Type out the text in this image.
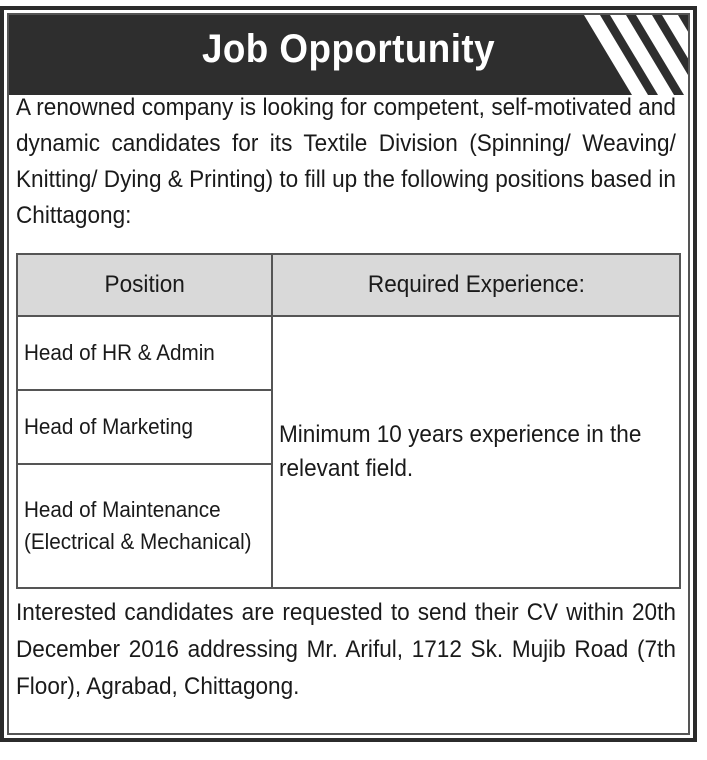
Job Opportunity
A renowned company is looking for competent, self-motivated and dynamic candidates for its Textile Division (Spinning/ Weaving/ Knitting/ Dying & Printing) to fill up the following positions based in Chittagong:
Position	Required Experience:
Head of HR & Admin	Minimum 10 years experience in the relevant field.
Head of Marketing	
Head of Maintenance
(Electrical & Mechanical)	
Interested candidates are requested to send their CV within 20th December 2016 addressing Mr. Ariful, 1712 Sk. Mujib Road (7th Floor), Agrabad, Chittagong.
